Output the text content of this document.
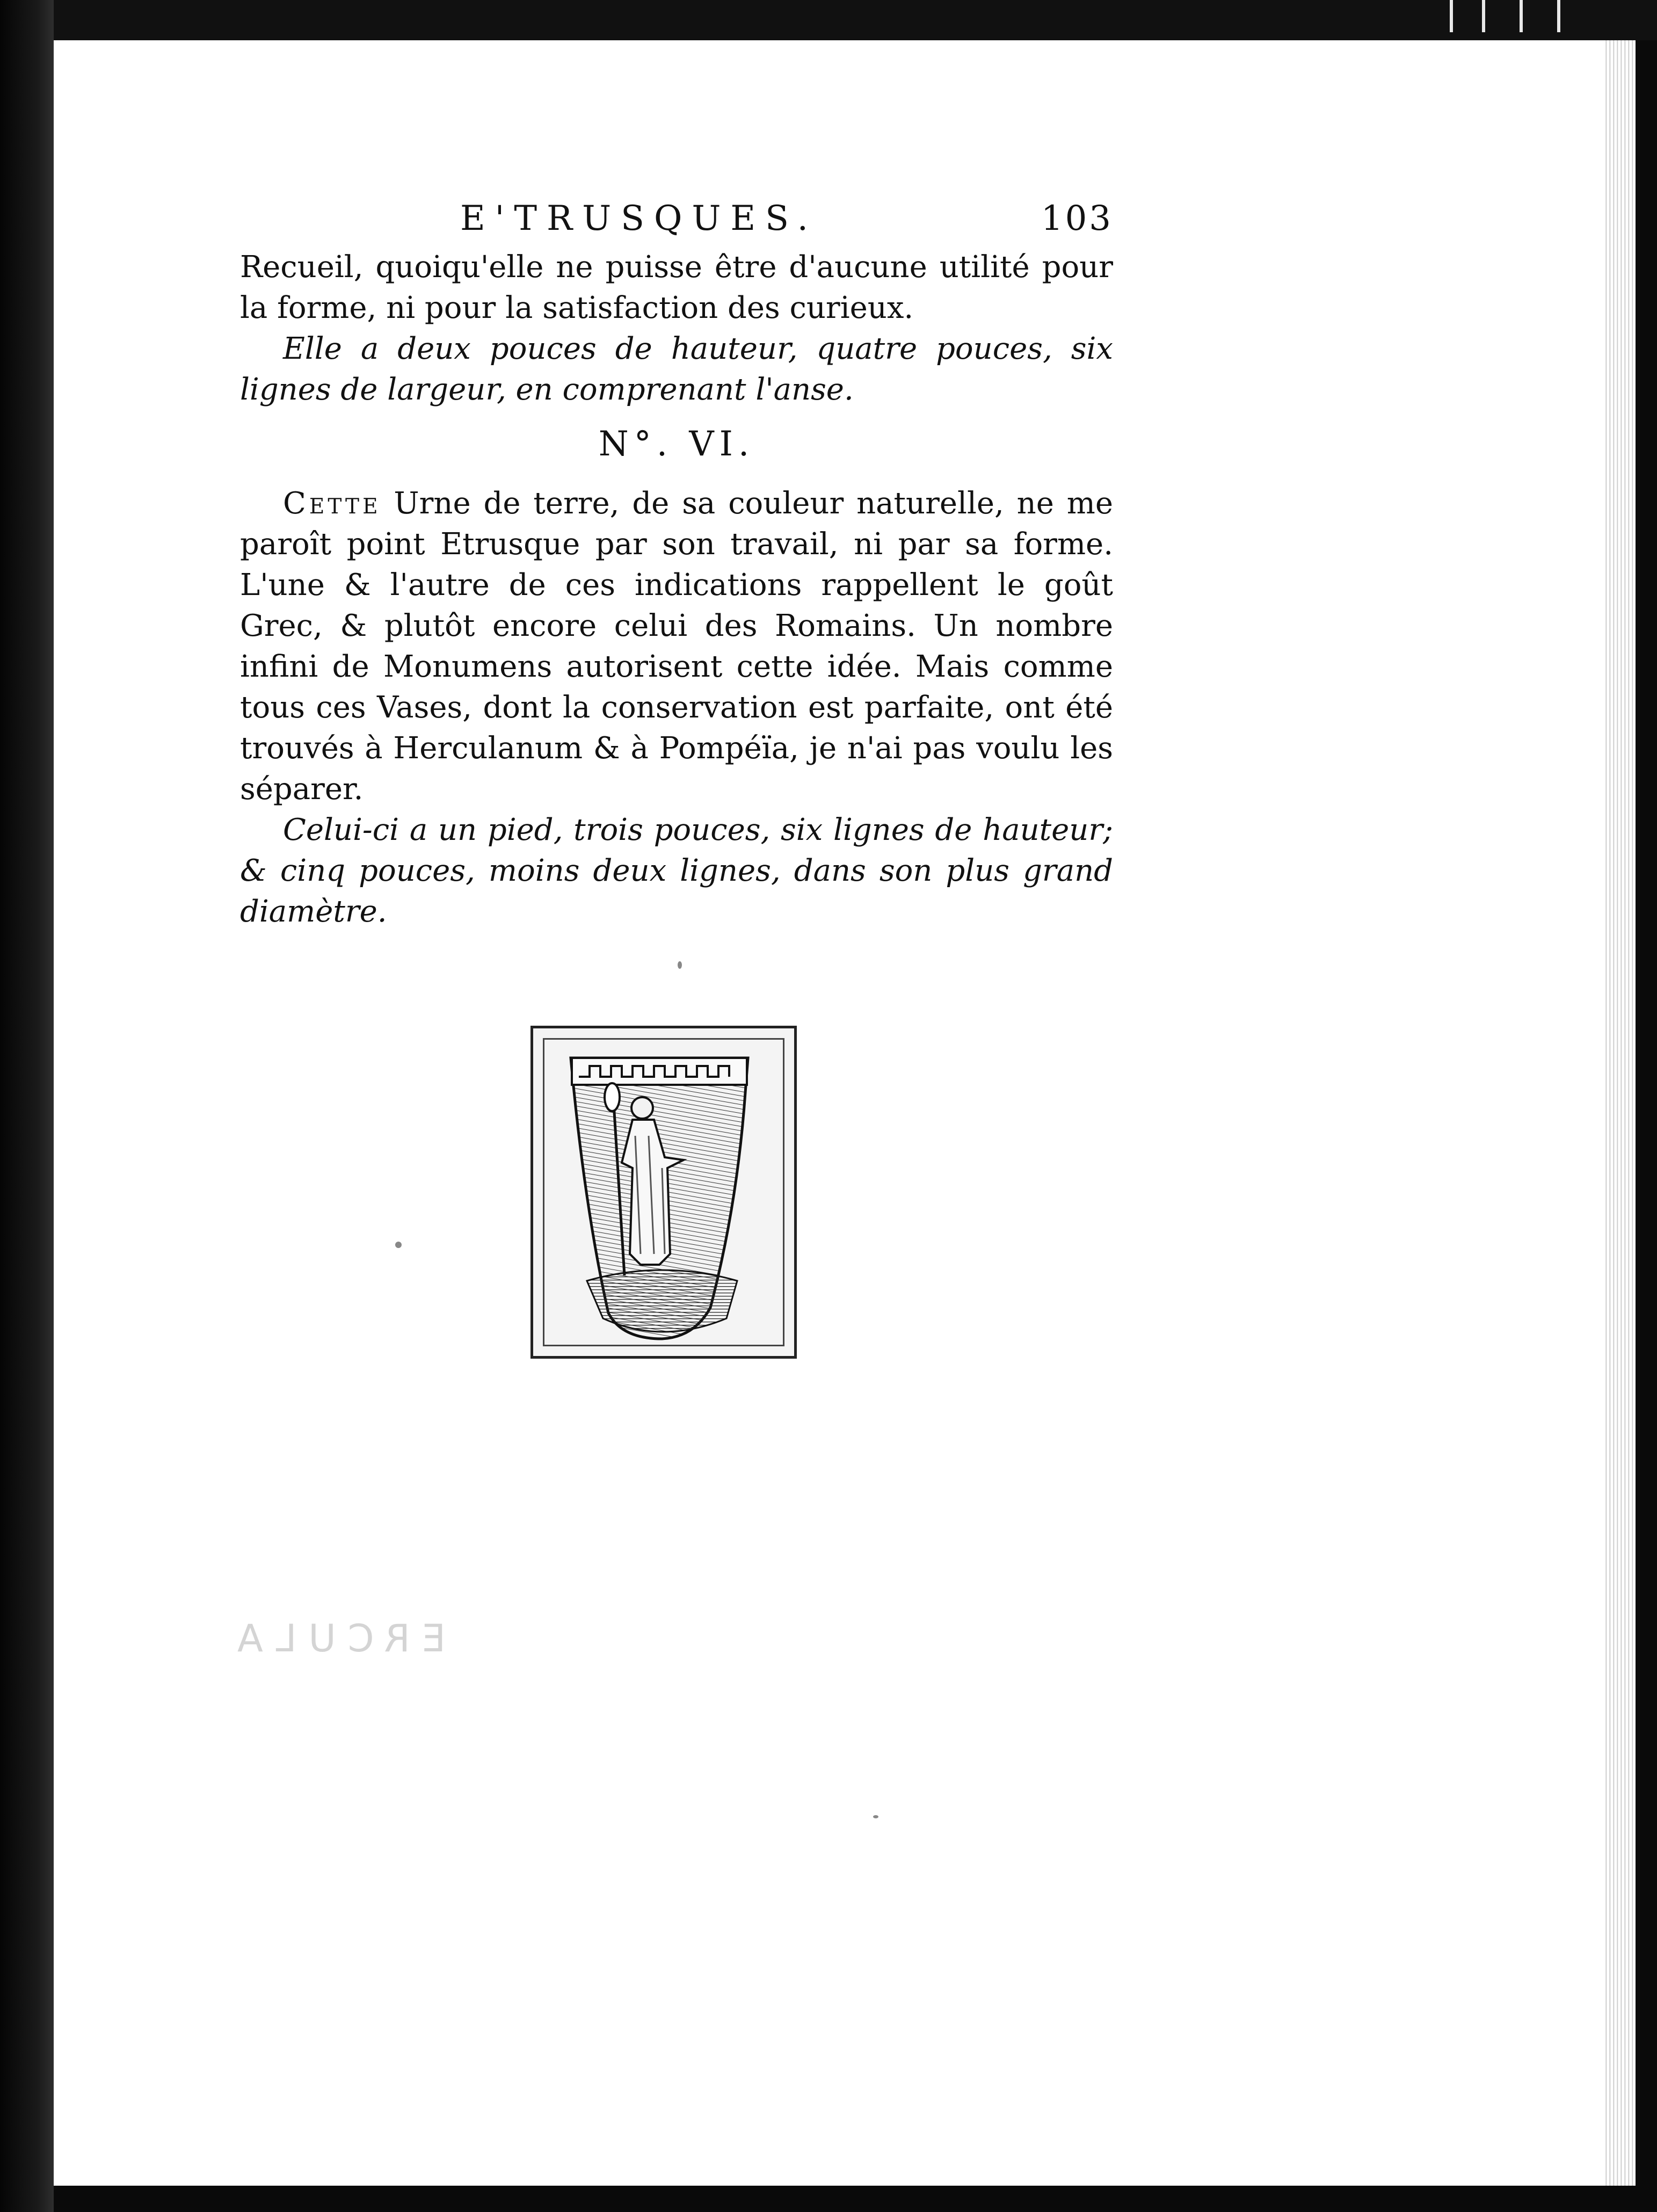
E'TRUSQUES.	103

Recueil, quoiqu'elle ne puisse être d'aucune utilité pour la forme, ni pour la satisfaction des curieux.

Elle a deux pouces de hauteur, quatre pouces, six lignes de largeur, en comprenant l'anse.

N°. VI.

Cette Urne de terre, de sa couleur naturelle, ne me paroît point Etrusque par son travail, ni par sa forme. L'une & l'autre de ces indications rappellent le goût Grec, & plutôt encore celui des Romains. Un nombre infini de Monumens autorisent cette idée. Mais comme tous ces Vases, dont la conservation est parfaite, ont été trouvés à Herculanum & à Pompéïa, je n'ai pas voulu les séparer.

Celui-ci a un pied, trois pouces, six lignes de hauteur; & cinq pouces, moins deux lignes, dans son plus grand diamètre.

ERCULA
